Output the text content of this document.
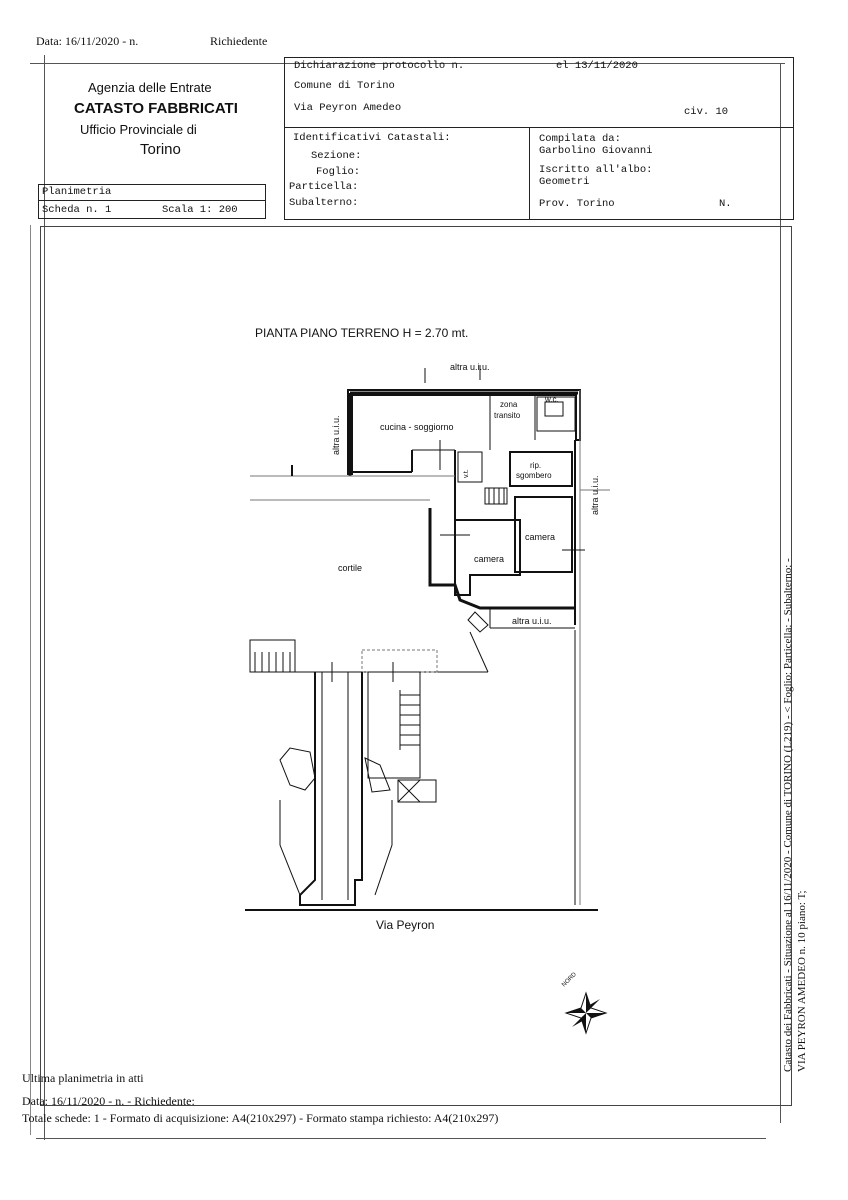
Data: 16/11/2020 - n.	Richiedente
Agenzia delle Entrate
CATASTO FABBRICATI
Ufficio Provinciale di
Torino
Dichiarazione protocollo n.	el 13/11/2020
Comune di Torino
Via Peyron Amedeo	civ. 10
Identificativi Catastali:
Sezione:
Foglio:
Particella:
Subalterno:
Compilata da:
Garbolino Giovanni
Iscritto all'albo:
Geometri
Prov. Torino	N.
Planimetria
Scheda n. 1	Scala 1: 200
PIANTA PIANO TERRENO H = 2.70 mt.
altra u.i.u.
altra u.i.u.
altra u.i.u.
altra u.i.u.
cucina - soggiorno
zona
transito
w.c.
v.t.
rip.
sgombero
camera
camera
cortile
Via Peyron
NORD	Catasto dei Fabbricati - Situazione al 16/11/2020 - Comune di TORINO (L219) - < Foglio: Particella: - Subalterno: - VIA PEYRON AMEDEO n. 10 piano: T;
Ultima planimetria in atti
Data: 16/11/2020 - n. - Richiedente:
Totale schede: 1 - Formato di acquisizione: A4(210x297) - Formato stampa richiesto: A4(210x297)
